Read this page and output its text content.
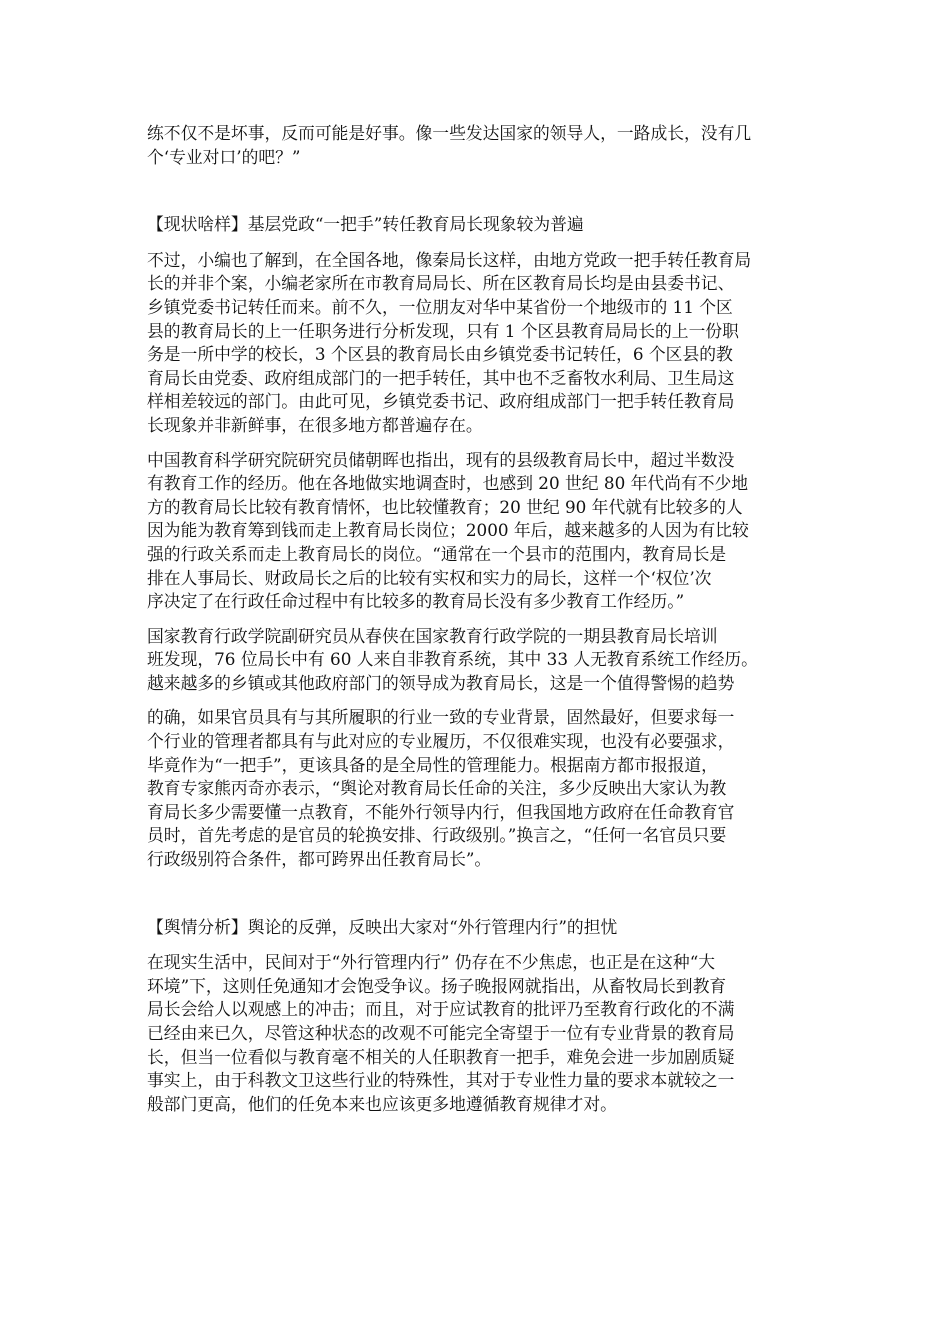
练不仅不是坏事，反而可能是好事。像一些发达国家的领导人，一路成长，没有几
个‘专业对口’的吧？”

【现状啥样】基层党政“一把手”转任教育局长现象较为普遍

不过，小编也了解到，在全国各地，像秦局长这样，由地方党政一把手转任教育局
长的并非个案，小编老家所在市教育局局长、所在区教育局长均是由县委书记、
乡镇党委书记转任而来。前不久，一位朋友对华中某省份一个地级市的 11 个区
县的教育局长的上一任职务进行分析发现，只有 1 个区县教育局局长的上一份职
务是一所中学的校长，3 个区县的教育局长由乡镇党委书记转任，6 个区县的教
育局长由党委、政府组成部门的一把手转任，其中也不乏畜牧水利局、卫生局这
样相差较远的部门。由此可见，乡镇党委书记、政府组成部门一把手转任教育局
长现象并非新鲜事，在很多地方都普遍存在。

中国教育科学研究院研究员储朝晖也指出，现有的县级教育局长中，超过半数没
有教育工作的经历。他在各地做实地调查时，也感到 20 世纪 80 年代尚有不少地
方的教育局长比较有教育情怀，也比较懂教育；20 世纪 90 年代就有比较多的人
因为能为教育筹到钱而走上教育局长岗位；2000 年后，越来越多的人因为有比较
强的行政关系而走上教育局长的岗位。“通常在一个县市的范围内，教育局长是
排在人事局长、财政局长之后的比较有实权和实力的局长，这样一个‘权位’次
序决定了在行政任命过程中有比较多的教育局长没有多少教育工作经历。”

国家教育行政学院副研究员从春侠在国家教育行政学院的一期县教育局长培训
班发现，76 位局长中有 60 人来自非教育系统，其中 33 人无教育系统工作经历。
越来越多的乡镇或其他政府部门的领导成为教育局长，这是一个值得警惕的趋势

的确，如果官员具有与其所履职的行业一致的专业背景，固然最好，但要求每一
个行业的管理者都具有与此对应的专业履历，不仅很难实现，也没有必要强求，
毕竟作为“一把手”，更该具备的是全局性的管理能力。根据南方都市报报道，
教育专家熊丙奇亦表示，“舆论对教育局长任命的关注，多少反映出大家认为教
育局长多少需要懂一点教育，不能外行领导内行，但我国地方政府在任命教育官
员时，首先考虑的是官员的轮换安排、行政级别。”换言之，“任何一名官员只要
行政级别符合条件，都可跨界出任教育局长”。

【舆情分析】舆论的反弹，反映出大家对“外行管理内行”的担忧

在现实生活中，民间对于“外行管理内行” 仍存在不少焦虑，也正是在这种“大
环境”下，这则任免通知才会饱受争议。扬子晚报网就指出，从畜牧局长到教育
局长会给人以观感上的冲击；而且，对于应试教育的批评乃至教育行政化的不满
已经由来已久，尽管这种状态的改观不可能完全寄望于一位有专业背景的教育局
长，但当一位看似与教育毫不相关的人任职教育一把手，难免会进一步加剧质疑
事实上，由于科教文卫这些行业的特殊性，其对于专业性力量的要求本就较之一
般部门更高，他们的任免本来也应该更多地遵循教育规律才对。
